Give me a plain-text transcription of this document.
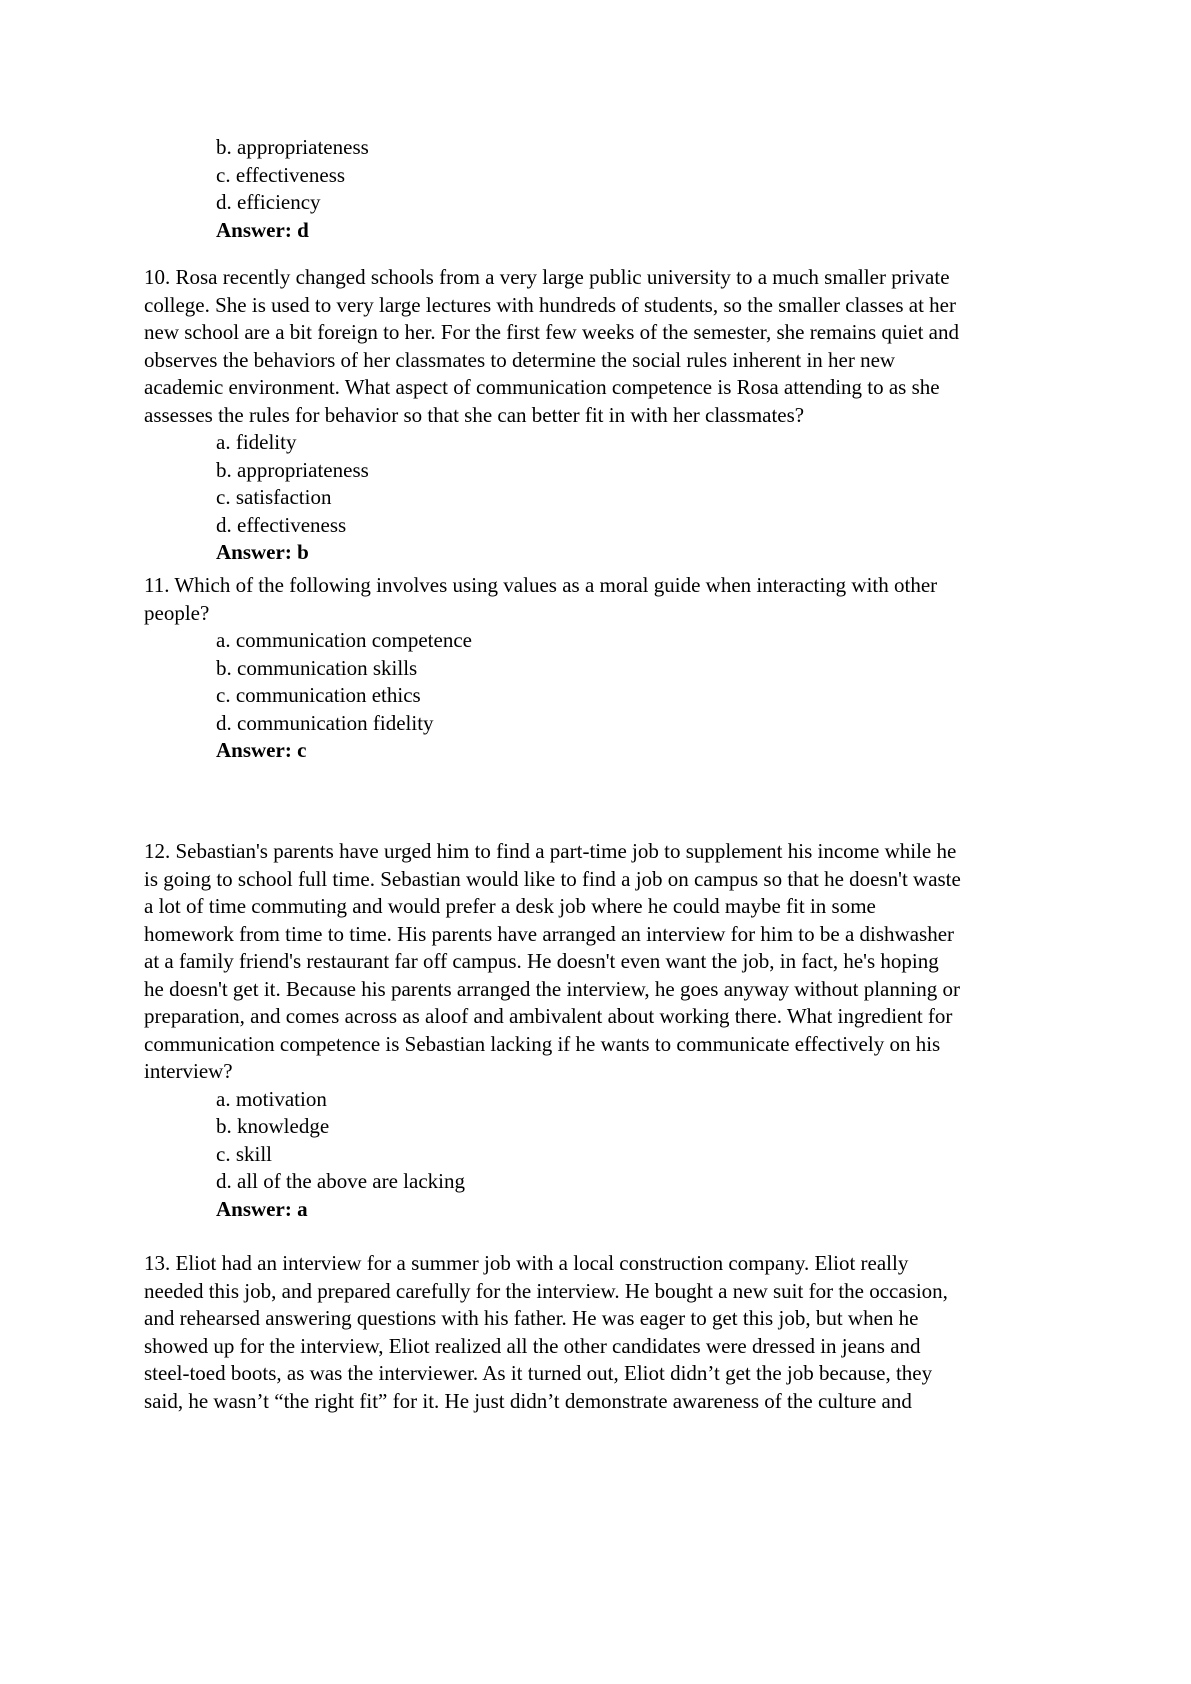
b. appropriateness
c. effectiveness
d. efficiency
Answer: d
10. Rosa recently changed schools from a very large public university to a much smaller private
college. She is used to very large lectures with hundreds of students, so the smaller classes at her
new school are a bit foreign to her. For the first few weeks of the semester, she remains quiet and
observes the behaviors of her classmates to determine the social rules inherent in her new
academic environment. What aspect of communication competence is Rosa attending to as she
assesses the rules for behavior so that she can better fit in with her classmates?
a. fidelity
b. appropriateness
c. satisfaction
d. effectiveness
Answer: b
11. Which of the following involves using values as a moral guide when interacting with other
people?
a. communication competence
b. communication skills
c. communication ethics
d. communication fidelity
Answer: c
12. Sebastian's parents have urged him to find a part-time job to supplement his income while he
is going to school full time. Sebastian would like to find a job on campus so that he doesn't waste
a lot of time commuting and would prefer a desk job where he could maybe fit in some
homework from time to time. His parents have arranged an interview for him to be a dishwasher
at a family friend's restaurant far off campus. He doesn't even want the job, in fact, he's hoping
he doesn't get it. Because his parents arranged the interview, he goes anyway without planning or
preparation, and comes across as aloof and ambivalent about working there. What ingredient for
communication competence is Sebastian lacking if he wants to communicate effectively on his
interview?
a. motivation
b. knowledge
c. skill
d. all of the above are lacking
Answer: a
13. Eliot had an interview for a summer job with a local construction company. Eliot really
needed this job, and prepared carefully for the interview. He bought a new suit for the occasion,
and rehearsed answering questions with his father. He was eager to get this job, but when he
showed up for the interview, Eliot realized all the other candidates were dressed in jeans and
steel-toed boots, as was the interviewer. As it turned out, Eliot didn’t get the job because, they
said, he wasn’t “the right fit” for it. He just didn’t demonstrate awareness of the culture and
